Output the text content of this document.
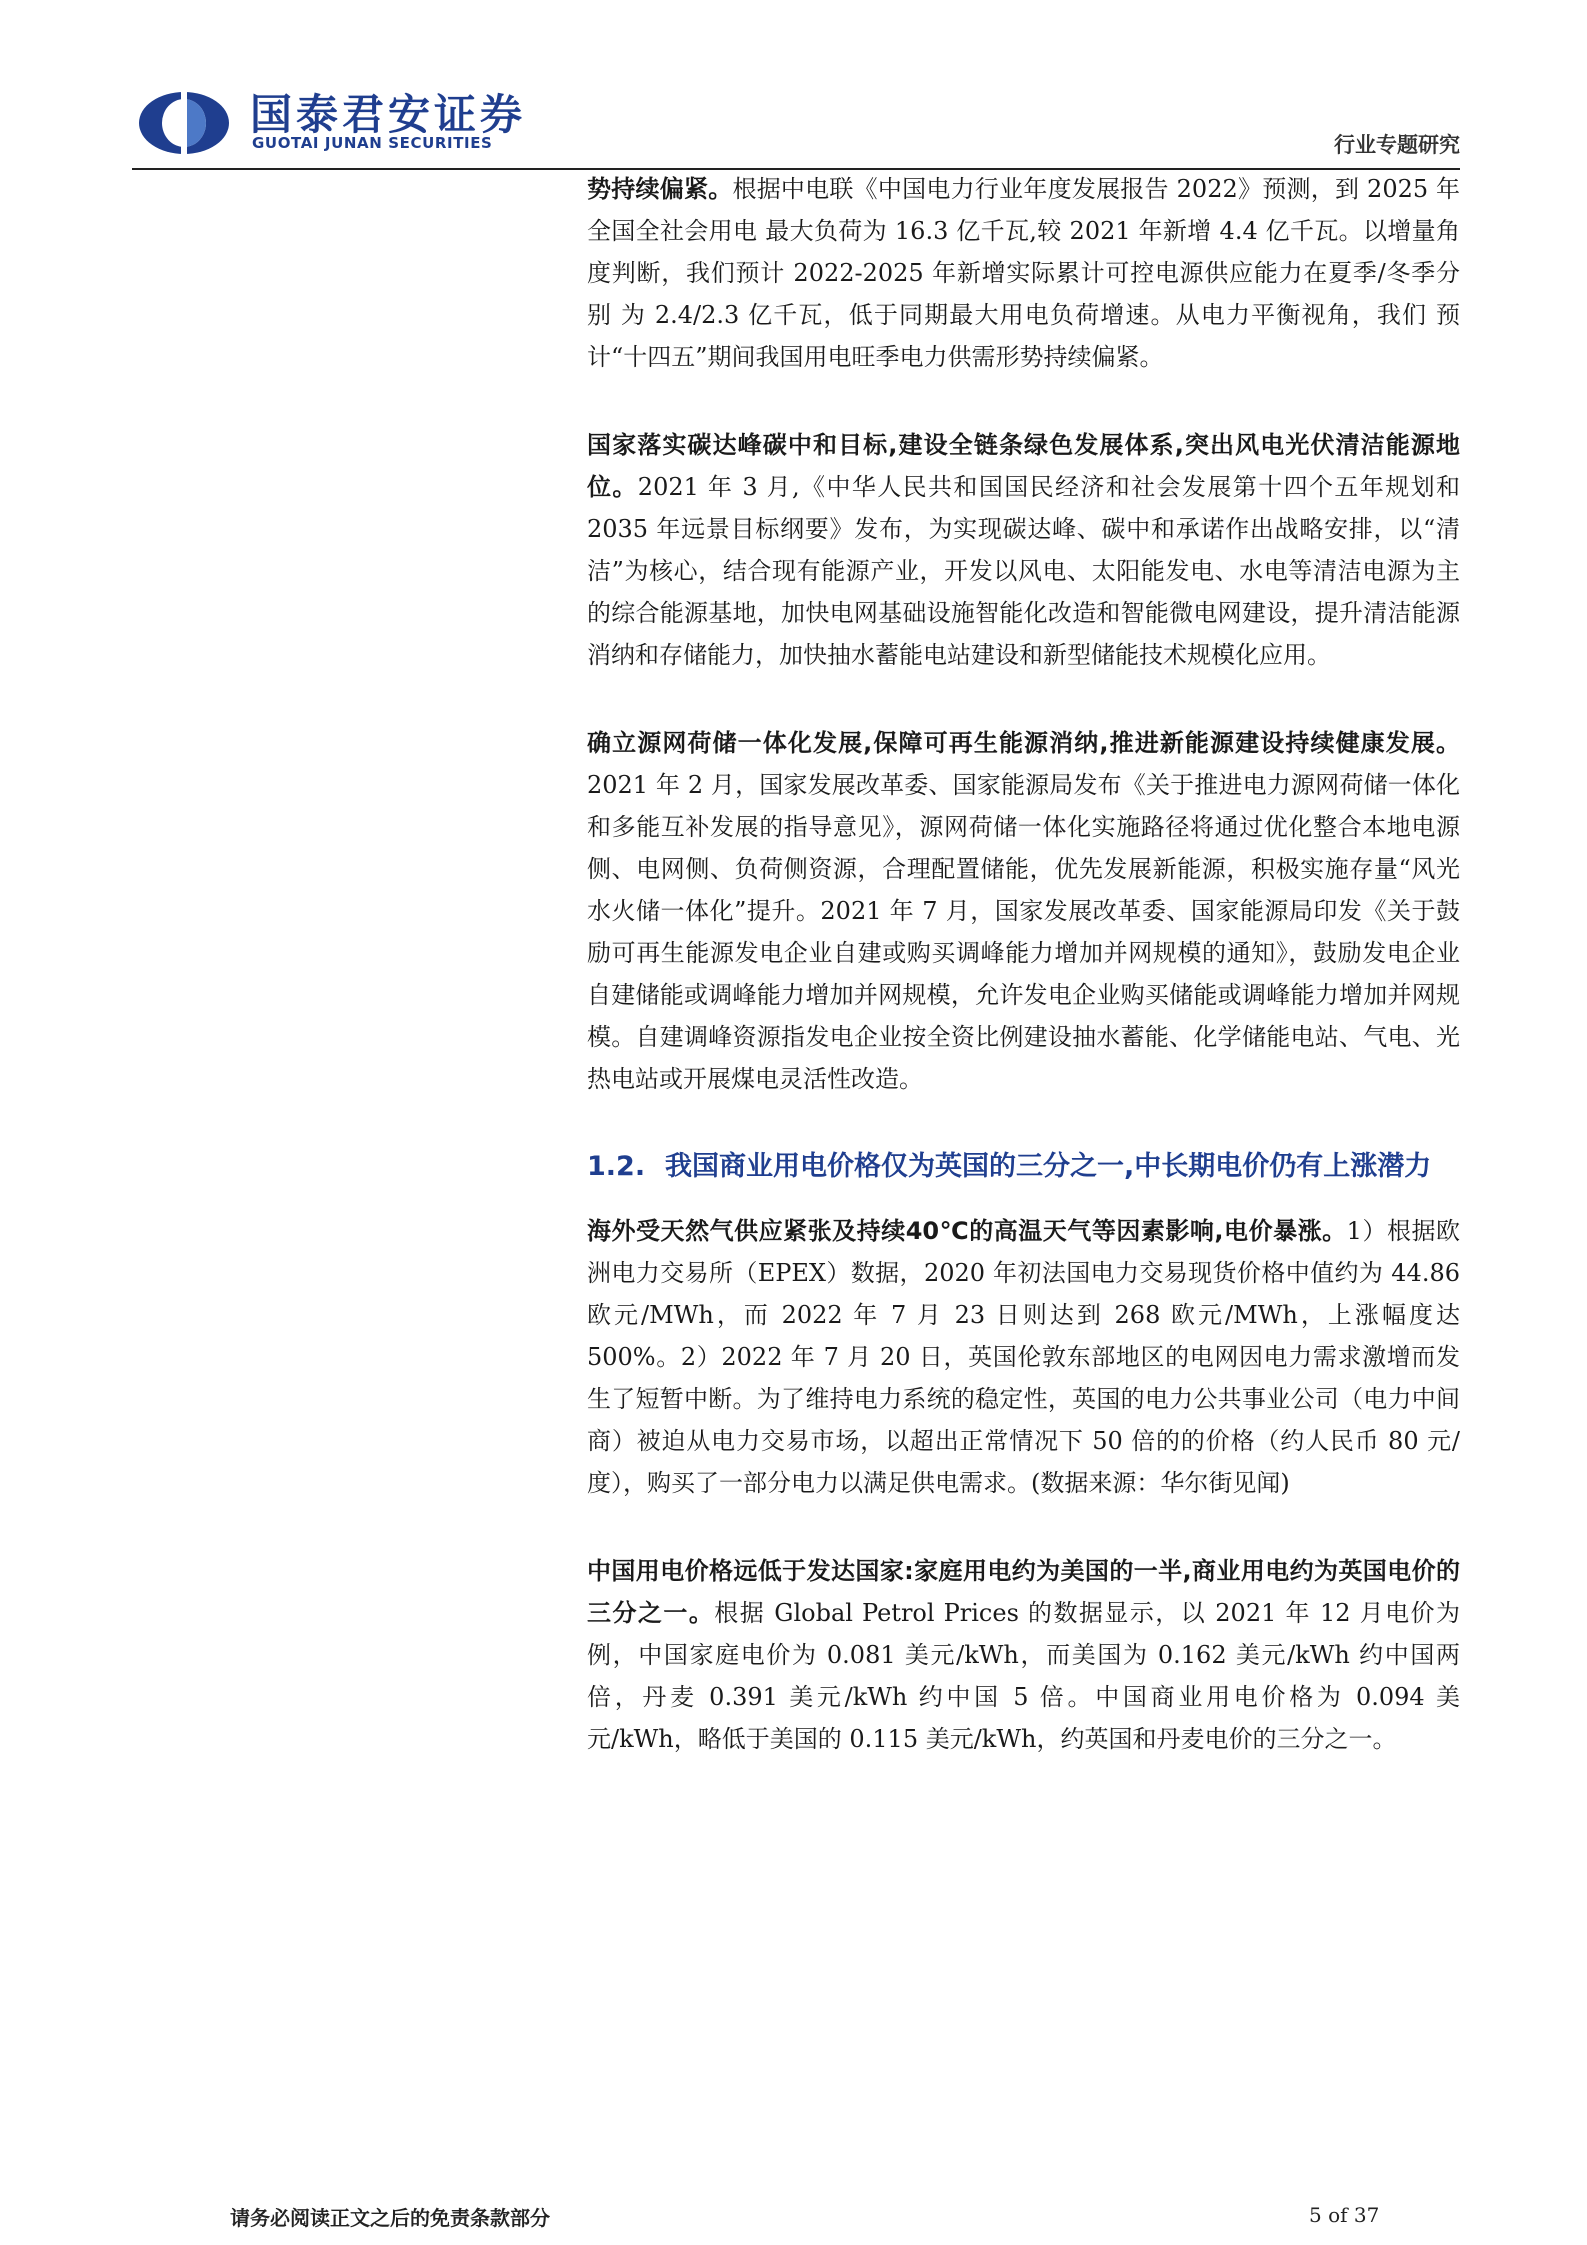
国泰君安证券
GUOTAI JUNAN SECURITIES	行业专题研究

势持续偏紧。根据中电联《中国电力行业年度发展报告 2022》预测，到 2025 年全国全社会用电 最大负荷为 16.3 亿千瓦,较 2021 年新增 4.4 亿千瓦。以增量角度判断，我们预计 2022-2025 年新增实际累计可控电源供应能力在夏季/冬季分别 为 2.4/2.3 亿千瓦，低于同期最大用电负荷增速。从电力平衡视角，我们 预计“十四五”期间我国用电旺季电力供需形势持续偏紧。

国家落实碳达峰碳中和目标,建设全链条绿色发展体系,突出风电光伏清洁能源地位。2021 年 3 月,《中华人民共和国国民经济和社会发展第十四个五年规划和 2035 年远景目标纲要》发布，为实现碳达峰、碳中和承诺作出战略安排，以“清洁”为核心，结合现有能源产业，开发以风电、太阳能发电、水电等清洁电源为主的综合能源基地，加快电网基础设施智能化改造和智能微电网建设，提升清洁能源消纳和存储能力，加快抽水蓄能电站建设和新型储能技术规模化应用。

确立源网荷储一体化发展,保障可再生能源消纳,推进新能源建设持续健康发展。2021 年 2 月，国家发展改革委、国家能源局发布《关于推进电力源网荷储一体化和多能互补发展的指导意见》，源网荷储一体化实施路径将通过优化整合本地电源侧、电网侧、负荷侧资源，合理配置储能，优先发展新能源，积极实施存量“风光水火储一体化”提升。2021 年 7 月，国家发展改革委、国家能源局印发《关于鼓励可再生能源发电企业自建或购买调峰能力增加并网规模的通知》，鼓励发电企业自建储能或调峰能力增加并网规模，允许发电企业购买储能或调峰能力增加并网规模。自建调峰资源指发电企业按全资比例建设抽水蓄能、化学储能电站、气电、光热电站或开展煤电灵活性改造。

1.2. 我国商业用电价格仅为英国的三分之一,中长期电价仍有上涨潜力

海外受天然气供应紧张及持续40℃的高温天气等因素影响,电价暴涨。1）根据欧洲电力交易所（EPEX）数据，2020 年初法国电力交易现货价格中值约为 44.86 欧元/MWh，而 2022 年 7 月 23 日则达到 268 欧元/MWh，上涨幅度达 500%。2）2022 年 7 月 20 日，英国伦敦东部地区的电网因电力需求激增而发生了短暂中断。为了维持电力系统的稳定性，英国的电力公共事业公司（电力中间商）被迫从电力交易市场，以超出正常情况下 50 倍的的价格（约人民币 80 元/度），购买了一部分电力以满足供电需求。(数据来源：华尔街见闻)

中国用电价格远低于发达国家:家庭用电约为美国的一半,商业用电约为英国电价的三分之一。根据 Global Petrol Prices 的数据显示，以 2021 年 12 月电价为例，中国家庭电价为 0.081 美元/kWh，而美国为 0.162 美元/kWh 约中国两倍，丹麦 0.391 美元/kWh 约中国 5 倍。中国商业用电价格为 0.094 美元/kWh，略低于美国的 0.115 美元/kWh，约英国和丹麦电价的三分之一。

请务必阅读正文之后的免责条款部分	5 of 37
